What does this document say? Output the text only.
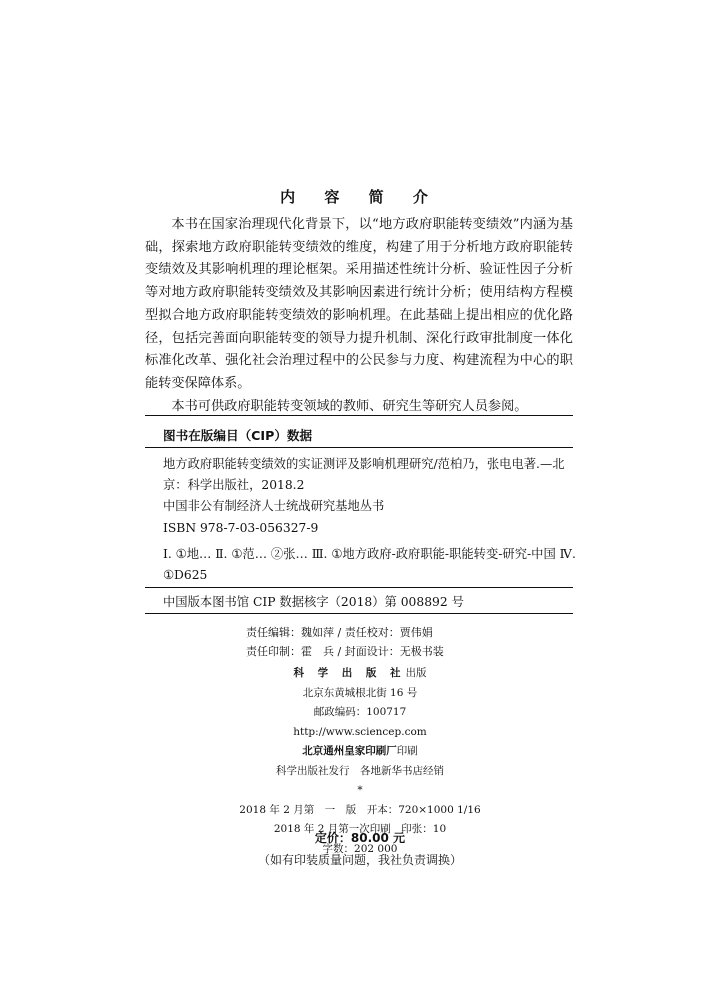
内 容 简 介

本书在国家治理现代化背景下，以“地方政府职能转变绩效”内涵为基础，探索地方政府职能转变绩效的维度，构建了用于分析地方政府职能转变绩效及其影响机理的理论框架。采用描述性统计分析、验证性因子分析等对地方政府职能转变绩效及其影响因素进行统计分析；使用结构方程模型拟合地方政府职能转变绩效的影响机理。在此基础上提出相应的优化路径，包括完善面向职能转变的领导力提升机制、深化行政审批制度一体化标准化改革、强化社会治理过程中的公民参与力度、构建流程为中心的职能转变保障体系。

本书可供政府职能转变领域的教师、研究生等研究人员参阅。

图书在版编目（CIP）数据

地方政府职能转变绩效的实证测评及影响机理研究/范柏乃，张电电著.—北京：科学出版社，2018.2

中国非公有制经济人士统战研究基地丛书

ISBN 978-7-03-056327-9

Ⅰ. ①地… Ⅱ. ①范… ②张… Ⅲ. ①地方政府-政府职能-职能转变-研究-中国 Ⅳ. ①D625

中国版本图书馆 CIP 数据核字（2018）第 008892 号

责任编辑：魏如萍 / 责任校对：贾伟娟

责任印制：霍　兵 / 封面设计：无极书装

科 学 出 版 社出版

北京东黄城根北街 16 号

邮政编码：100717

http://www.sciencep.com

北京通州皇家印刷厂印刷

科学出版社发行　各地新华书店经销

*

2018 年 2 月第　一　版　开本：720×1000 1/16

2018 年 2 月第一次印刷　印张：10

字数：202 000

定价：80.00 元
（如有印装质量问题，我社负责调换）
